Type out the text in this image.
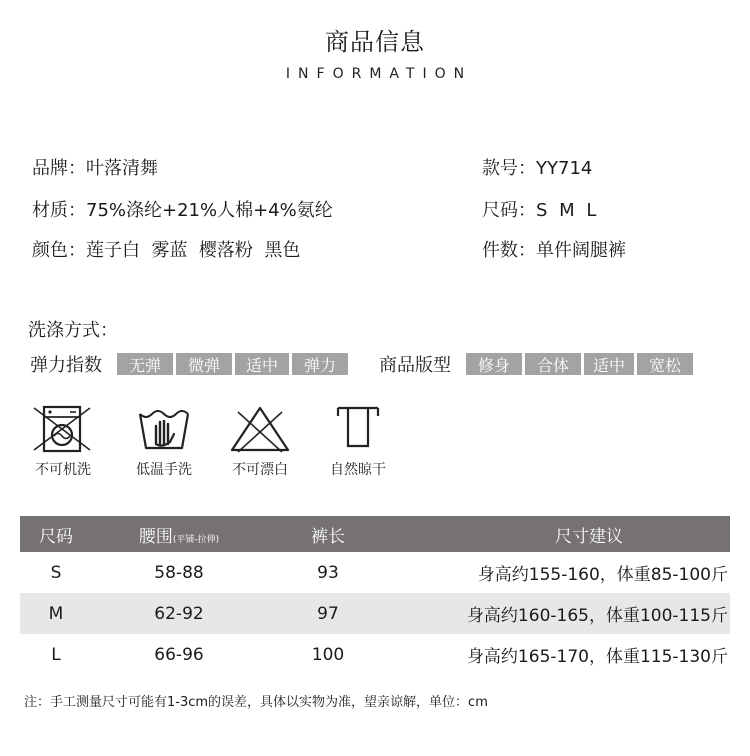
商品信息
INFORMATION
品牌：叶落清舞	款号：YY714
材质：75%涤纶+21%人棉+4%氨纶	尺码：S M L
颜色：莲子白  雾蓝  樱落粉  黑色	件数：单件阔腿裤
洗涤方式：
弹力指数	无弹	微弹	适中	弹力	商品版型	修身	合体	适中	宽松
不可机洗	低温手洗	不可漂白	自然晾干
尺码	腰围(平铺-拉伸)	裤长	尺寸建议
S	58-88	93	身高约155-160，体重85-100斤
M	62-92	97	身高约160-165，体重100-115斤
L	66-96	100	身高约165-170，体重115-130斤
注：手工测量尺寸可能有1-3cm的误差，具体以实物为准，望亲谅解，单位：cm
